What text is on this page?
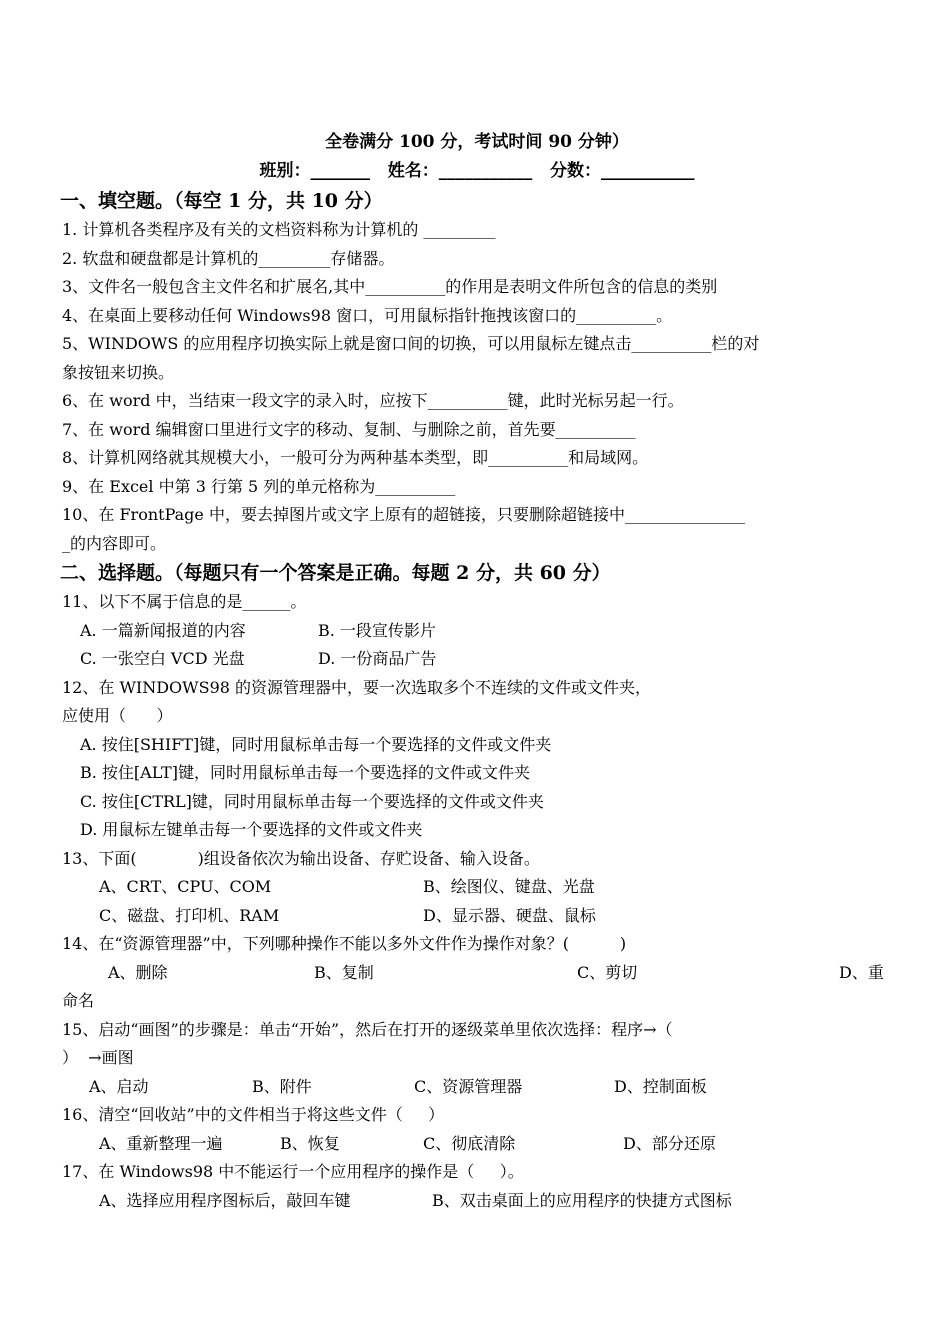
全卷满分 100 分，考试时间 90 分钟）
班别：_______   姓名：___________   分数：___________
一、填空题。（每空 1 分，共 10 分）
1. 计算机各类程序及有关的文档资料称为计算机的 _________
2. 软盘和硬盘都是计算机的_________存储器。
3、文件名一般包含主文件名和扩展名,其中__________的作用是表明文件所包含的信息的类别
4、在桌面上要移动任何 Windows98 窗口，可用鼠标指针拖拽该窗口的__________。
5、WINDOWS 的应用程序切换实际上就是窗口间的切换，可以用鼠标左键点击__________栏的对
象按钮来切换。
6、在 word 中，当结束一段文字的录入时，应按下__________键，此时光标另起一行。
7、在 word 编辑窗口里进行文字的移动、复制、与删除之前，首先要__________
8、计算机网络就其规模大小，一般可分为两种基本类型，即__________和局域网。
9、在 Excel 中第 3 行第 5 列的单元格称为__________
10、在 FrontPage 中，要去掉图片或文字上原有的超链接，只要删除超链接中_______________
_的内容即可。
二、选择题。（每题只有一个答案是正确。每题 2 分，共 60 分）
11、以下不属于信息的是______。

A. 一篇新闻报道的内容

	B. 一段宣传影片

C. 一张空白 VCD 光盘

	D. 一份商品广告

12、在 WINDOWS98 的资源管理器中，要一次选取多个不连续的文件或文件夹，
应使用（      ）
A. 按住[SHIFT]键，同时用鼠标单击每一个要选择的文件或文件夹
B. 按住[ALT]键，同时用鼠标单击每一个要选择的文件或文件夹
C. 按住[CTRL]键，同时用鼠标单击每一个要选择的文件或文件夹
D. 用鼠标左键单击每一个要选择的文件或文件夹
13、下面(            )组设备依次为输出设备、存贮设备、输入设备。

A、CRT、CPU、COM

	B、绘图仪、键盘、光盘

C、磁盘、打印机、RAM

	D、显示器、硬盘、鼠标

14、在“资源管理器”中，下列哪种操作不能以多外文件作为操作对象？(          )

A、删除

	B、复制

	C、剪切

	D、重

命名
15、启动“画图”的步骤是：单击“开始”，然后在打开的逐级菜单里依次选择：程序→（
）  →画图

A、启动

	B、附件

	C、资源管理器

	D、控制面板

16、清空“回收站”中的文件相当于将这些文件（     ）

A、重新整理一遍

	B、恢复

	C、彻底清除

	D、部分还原

17、在 Windows98 中不能运行一个应用程序的操作是（     ）。

A、选择应用程序图标后，敲回车键

	B、双击桌面上的应用程序的快捷方式图标
